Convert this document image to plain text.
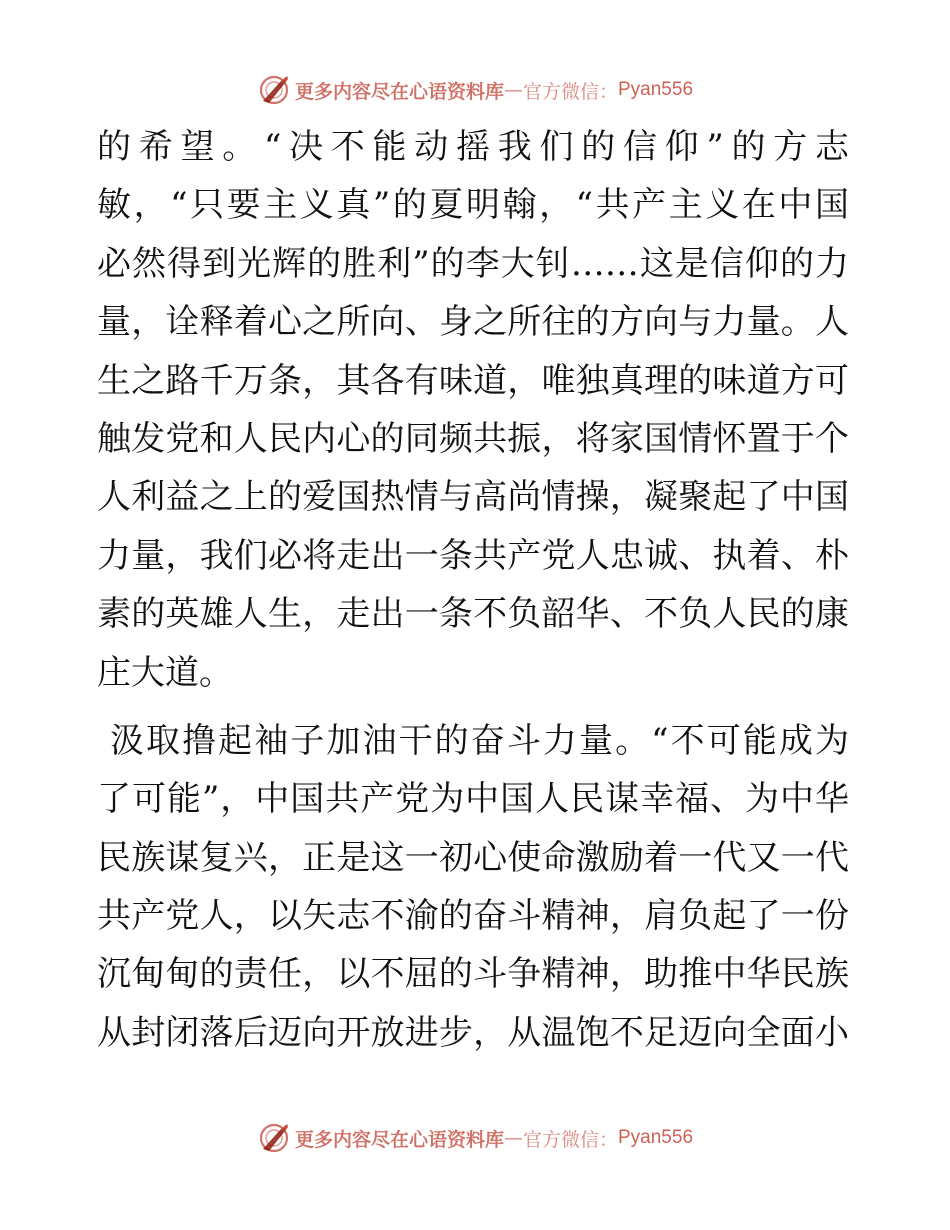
更多内容尽在心语资料库 — 官方微信： Pyan556
的希望。“决不能动摇我们的信仰”的方志
敏，“只要主义真”的夏明翰，“共产主义在中国
必然得到光辉的胜利”的李大钊……这是信仰的力
量，诠释着心之所向、身之所往的方向与力量。人
生之路千万条，其各有味道，唯独真理的味道方可
触发党和人民内心的同频共振，将家国情怀置于个
人利益之上的爱国热情与高尚情操，凝聚起了中国
力量，我们必将走出一条共产党人忠诚、执着、朴
素的英雄人生，走出一条不负韶华、不负人民的康
庄大道。
汲取撸起袖子加油干的奋斗力量。“不可能成为
了可能”，中国共产党为中国人民谋幸福、为中华
民族谋复兴，正是这一初心使命激励着一代又一代
共产党人，以矢志不渝的奋斗精神，肩负起了一份
沉甸甸的责任，以不屈的斗争精神，助推中华民族
从封闭落后迈向开放进步，从温饱不足迈向全面小
更多内容尽在心语资料库 — 官方微信： Pyan556
